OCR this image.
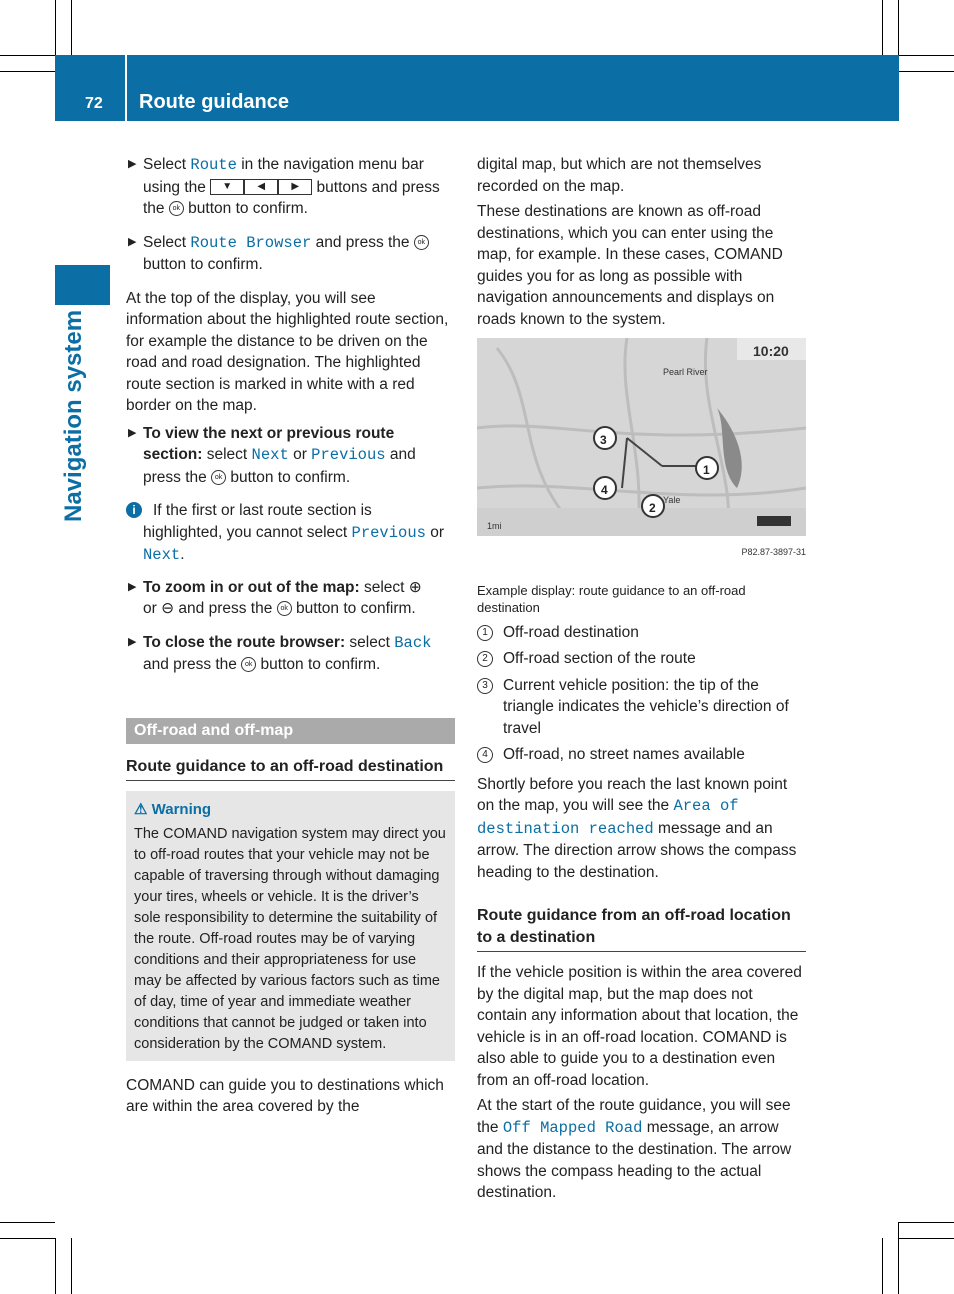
72 Route guidance
Navigation system
▶ Select Route in the navigation menu bar using the ▼	◀	▶ buttons and press the ok button to confirm.
▶ Select Route Browser and press the ok button to confirm.

At the top of the display, you will see information about the highlighted route section, for example the distance to be driven on the road and road designation. The highlighted route section is marked in white with a red border on the map.

▶ To view the next or previous route section: select Next or Previous and press the ok button to confirm.
i	If the first or last route section is highlighted, you cannot select Previous or Next.
▶ To zoom in or out of the map: select ⊕
or ⊖ and press the ok button to confirm.
▶ To close the route browser: select Back and press the ok button to confirm.
Off-road and off-map
Route guidance to an off-road destination
⚠ Warning
The COMAND navigation system may direct you to off-road routes that your vehicle may not be capable of traversing through without damaging your tires, wheels or vehicle. It is the driver’s sole responsibility to determine the suitability of the route. Off-road routes may be of varying conditions and their appropriateness for use may be affected by various factors such as time of day, time of year and immediate weather conditions that cannot be judged or taken into consideration by the COMAND system.

COMAND can guide you to destinations which are within the area covered by the

digital map, but which are not themselves recorded on the map.

These destinations are known as off-road destinations, which you can enter using the map, for example. In these cases, COMAND guides you for as long as possible with navigation announcements and displays on roads known to the system.

10:20
Pearl River
Yale
1mi
3
1
2
4
P82.87-3897-31
Example display: route guidance to an off-road destination
1 Off-road destination
2 Off-road section of the route
3 Current vehicle position: the tip of the triangle indicates the vehicle’s direction of travel
4 Off-road, no street names available

Shortly before you reach the last known point on the map, you will see the Area of destination reached message and an arrow. The direction arrow shows the compass heading to the destination.

Route guidance from an off-road location to a destination

If the vehicle position is within the area covered by the digital map, but the map does not contain any information about that location, the vehicle is in an off-road location. COMAND is also able to guide you to a destination even from an off-road location.

At the start of the route guidance, you will see the Off Mapped Road message, an arrow and the distance to the destination. The arrow shows the compass heading to the actual destination.
